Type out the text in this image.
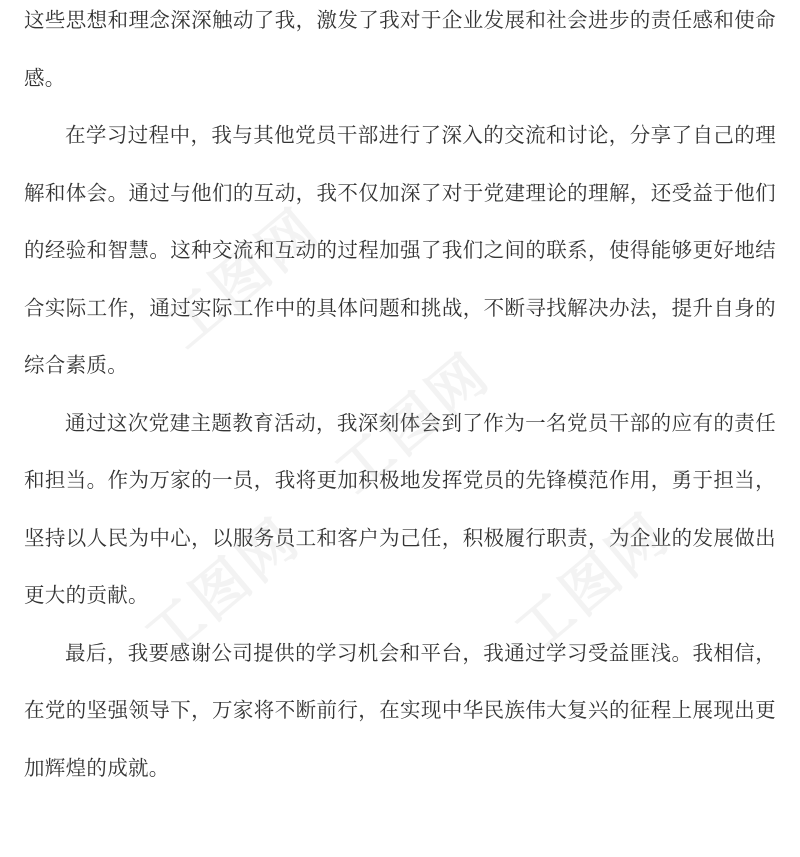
这些思想和理念深深触动了我，激发了我对于企业发展和社会进步的责任感和使命感。

在学习过程中，我与其他党员干部进行了深入的交流和讨论，分享了自己的理解和体会。通过与他们的互动，我不仅加深了对于党建理论的理解，还受益于他们的经验和智慧。这种交流和互动的过程加强了我们之间的联系，使得能够更好地结合实际工作，通过实际工作中的具体问题和挑战，不断寻找解决办法，提升自身的综合素质。

通过这次党建主题教育活动，我深刻体会到了作为一名党员干部的应有的责任和担当。作为万家的一员，我将更加积极地发挥党员的先锋模范作用，勇于担当，坚持以人民为中心，以服务员工和客户为己任，积极履行职责，为企业的发展做出更大的贡献。

最后，我要感谢公司提供的学习机会和平台，我通过学习受益匪浅。我相信，在党的坚强领导下，万家将不断前行，在实现中华民族伟大复兴的征程上展现出更加辉煌的成就。

工图网
工图网
工图网	工图网
